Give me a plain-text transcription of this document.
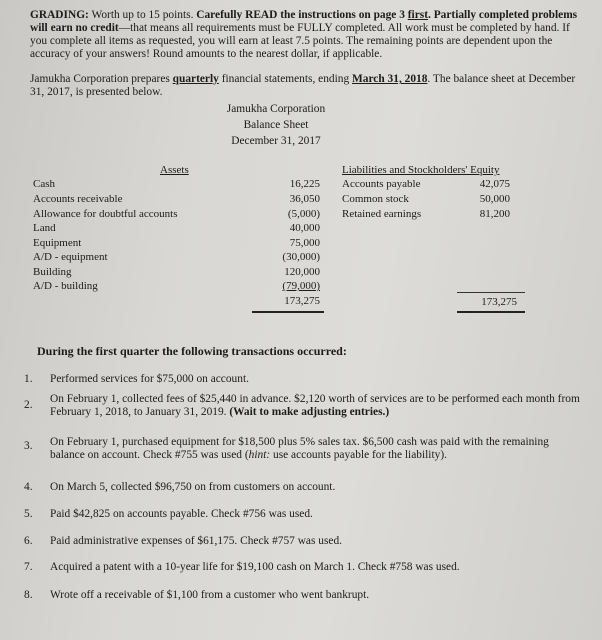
GRADING: Worth up to 15 points. Carefully READ the instructions on page 3 first. Partially completed problems will earn no credit—that means all requirements must be FULLY completed. All work must be completed by hand. If you complete all items as requested, you will earn at least 7.5 points. The remaining points are dependent upon the accuracy of your answers! Round amounts to the nearest dollar, if applicable.
Jamukha Corporation prepares quarterly financial statements, ending March 31, 2018. The balance sheet at December 31, 2017, is presented below.
Jamukha Corporation
Balance Sheet
December 31, 2017
Assets
Cash	16,225
Accounts receivable	36,050
Allowance for doubtful accounts	(5,000)
Land	40,000
Equipment	75,000
A/D - equipment	(30,000)
Building	120,000
A/D - building	(79,000)
173,275
Liabilities and Stockholders' Equity
Accounts payable	42,075
Common stock	50,000
Retained earnings	81,200
173,275
During the first quarter the following transactions occurred:
1. Performed services for $75,000 on account.
2. On February 1, collected fees of $25,440 in advance. $2,120 worth of services are to be performed each month from February 1, 2018, to January 31, 2019. (Wait to make adjusting entries.)
3. On February 1, purchased equipment for $18,500 plus 5% sales tax. $6,500 cash was paid with the remaining balance on account. Check #755 was used (hint: use accounts payable for the liability).
4. On March 5, collected $96,750 on from customers on account.
5. Paid $42,825 on accounts payable. Check #756 was used.
6. Paid administrative expenses of $61,175. Check #757 was used.
7. Acquired a patent with a 10-year life for $19,100 cash on March 1. Check #758 was used.
8. Wrote off a receivable of $1,100 from a customer who went bankrupt.
